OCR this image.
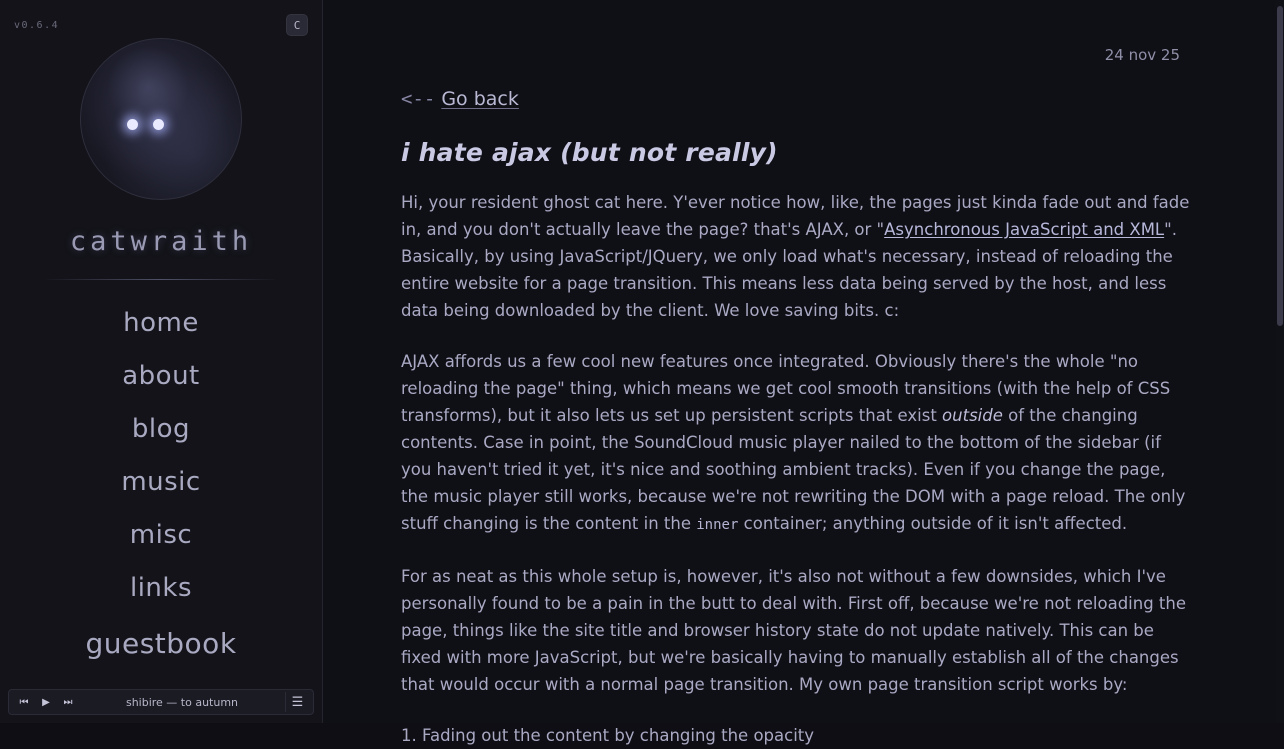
v0.6.4	C
catwraith
home
about
blog
music
misc
links
guestbook
⏮	▶	⏭	shibire — to autumn	☰
24 nov 25
<-- Go back
i hate ajax (but not really)

Hi, your resident ghost cat here. Y'ever notice how, like, the pages just kinda fade out and fade in, and you don't actually leave the page? that's AJAX, or "Asynchronous JavaScript and XML". Basically, by using JavaScript/JQuery, we only load what's necessary, instead of reloading the entire website for a page transition. This means less data being served by the host, and less data being downloaded by the client. We love saving bits. c:

AJAX affords us a few cool new features once integrated. Obviously there's the whole "no reloading the page" thing, which means we get cool smooth transitions (with the help of CSS transforms), but it also lets us set up persistent scripts that exist outside of the changing contents. Case in point, the SoundCloud music player nailed to the bottom of the sidebar (if you haven't tried it yet, it's nice and soothing ambient tracks). Even if you change the page, the music player still works, because we're not rewriting the DOM with a page reload. The only stuff changing is the content in the inner container; anything outside of it isn't affected.

For as neat as this whole setup is, however, it's also not without a few downsides, which I've personally found to be a pain in the butt to deal with. First off, because we're not reloading the page, things like the site title and browser history state do not update natively. This can be fixed with more JavaScript, but we're basically having to manually establish all of the changes that would occur with a normal page transition. My own page transition script works by:

1. Fading out the content by changing the opacity
